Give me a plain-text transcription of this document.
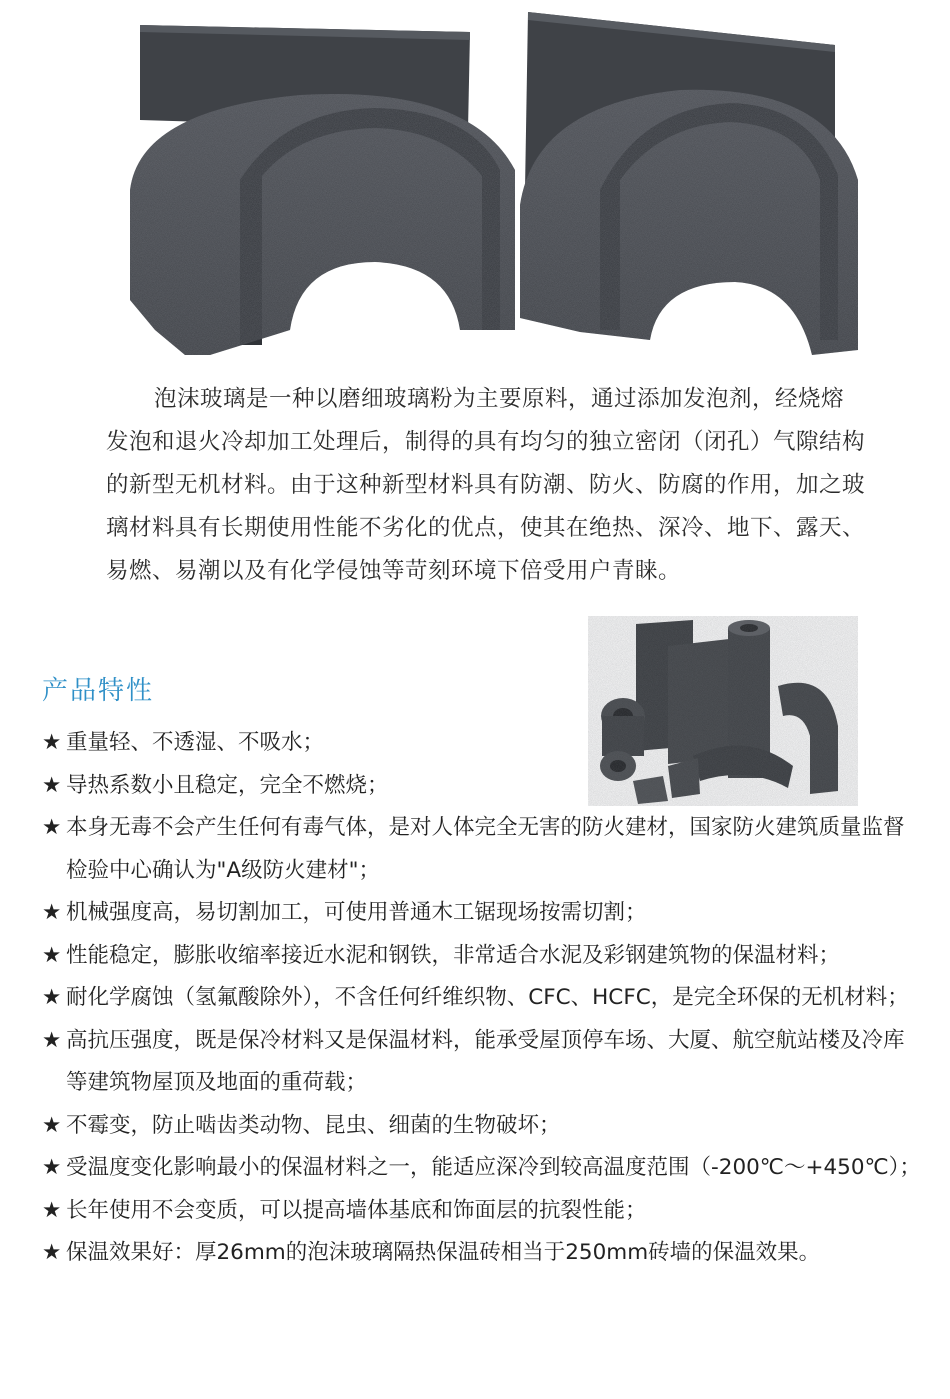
泡沫玻璃是一种以磨细玻璃粉为主要原料，通过添加发泡剂，经烧熔发泡和退火冷却加工处理后，制得的具有均匀的独立密闭（闭孔）气隙结构的新型无机材料。由于这种新型材料具有防潮、防火、防腐的作用，加之玻璃材料具有长期使用性能不劣化的优点，使其在绝热、深冷、地下、露天、易燃、易潮以及有化学侵蚀等苛刻环境下倍受用户青睐。

产品特性
★ 重量轻、不透湿、不吸水；
★ 导热系数小且稳定，完全不燃烧；
★ 本身无毒不会产生任何有毒气体，是对人体完全无害的防火建材，国家防火建筑质量监督检验中心确认为"A级防火建材"；
★ 机械强度高，易切割加工，可使用普通木工锯现场按需切割；
★ 性能稳定，膨胀收缩率接近水泥和钢铁，非常适合水泥及彩钢建筑物的保温材料；
★ 耐化学腐蚀（氢氟酸除外），不含任何纤维织物、CFC、HCFC，是完全环保的无机材料；
★ 高抗压强度，既是保冷材料又是保温材料，能承受屋顶停车场、大厦、航空航站楼及冷库等建筑物屋顶及地面的重荷载；
★ 不霉变，防止啮齿类动物、昆虫、细菌的生物破坏；
★ 受温度变化影响最小的保温材料之一，能适应深冷到较高温度范围（-200℃～+450℃）；
★ 长年使用不会变质，可以提高墙体基底和饰面层的抗裂性能；
★ 保温效果好：厚26mm的泡沫玻璃隔热保温砖相当于250mm砖墙的保温效果。
